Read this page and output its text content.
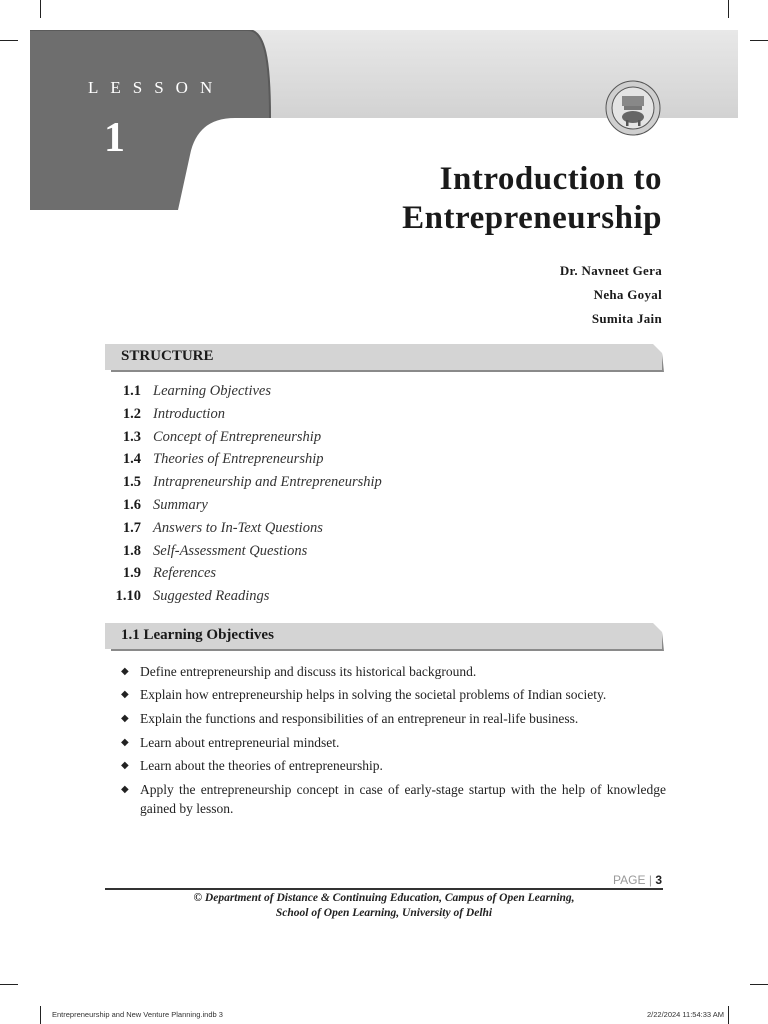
LESSON
1
Introduction to
Entrepreneurship
Dr. Navneet Gera
Neha Goyal
Sumita Jain
STRUCTURE
1.1 Learning Objectives
1.2 Introduction
1.3 Concept of Entrepreneurship
1.4 Theories of Entrepreneurship
1.5 Intrapreneurship and Entrepreneurship
1.6 Summary
1.7 Answers to In-Text Questions
1.8 Self-Assessment Questions
1.9 References
1.10 Suggested Readings
1.1 Learning Objectives
◆ Define entrepreneurship and discuss its historical background.
◆ Explain how entrepreneurship helps in solving the societal problems of Indian society.
◆ Explain the functions and responsibilities of an entrepreneur in real-life business.
◆ Learn about entrepreneurial mindset.
◆ Learn about the theories of entrepreneurship.
◆ Apply the entrepreneurship concept in case of early-stage startup with the help of knowledge gained by lesson.
PAGE | 3
© Department of Distance & Continuing Education, Campus of Open Learning,
School of Open Learning, University of Delhi
Entrepreneurship and New Venture Planning.indb 3	2/22/2024 11:54:33 AM
